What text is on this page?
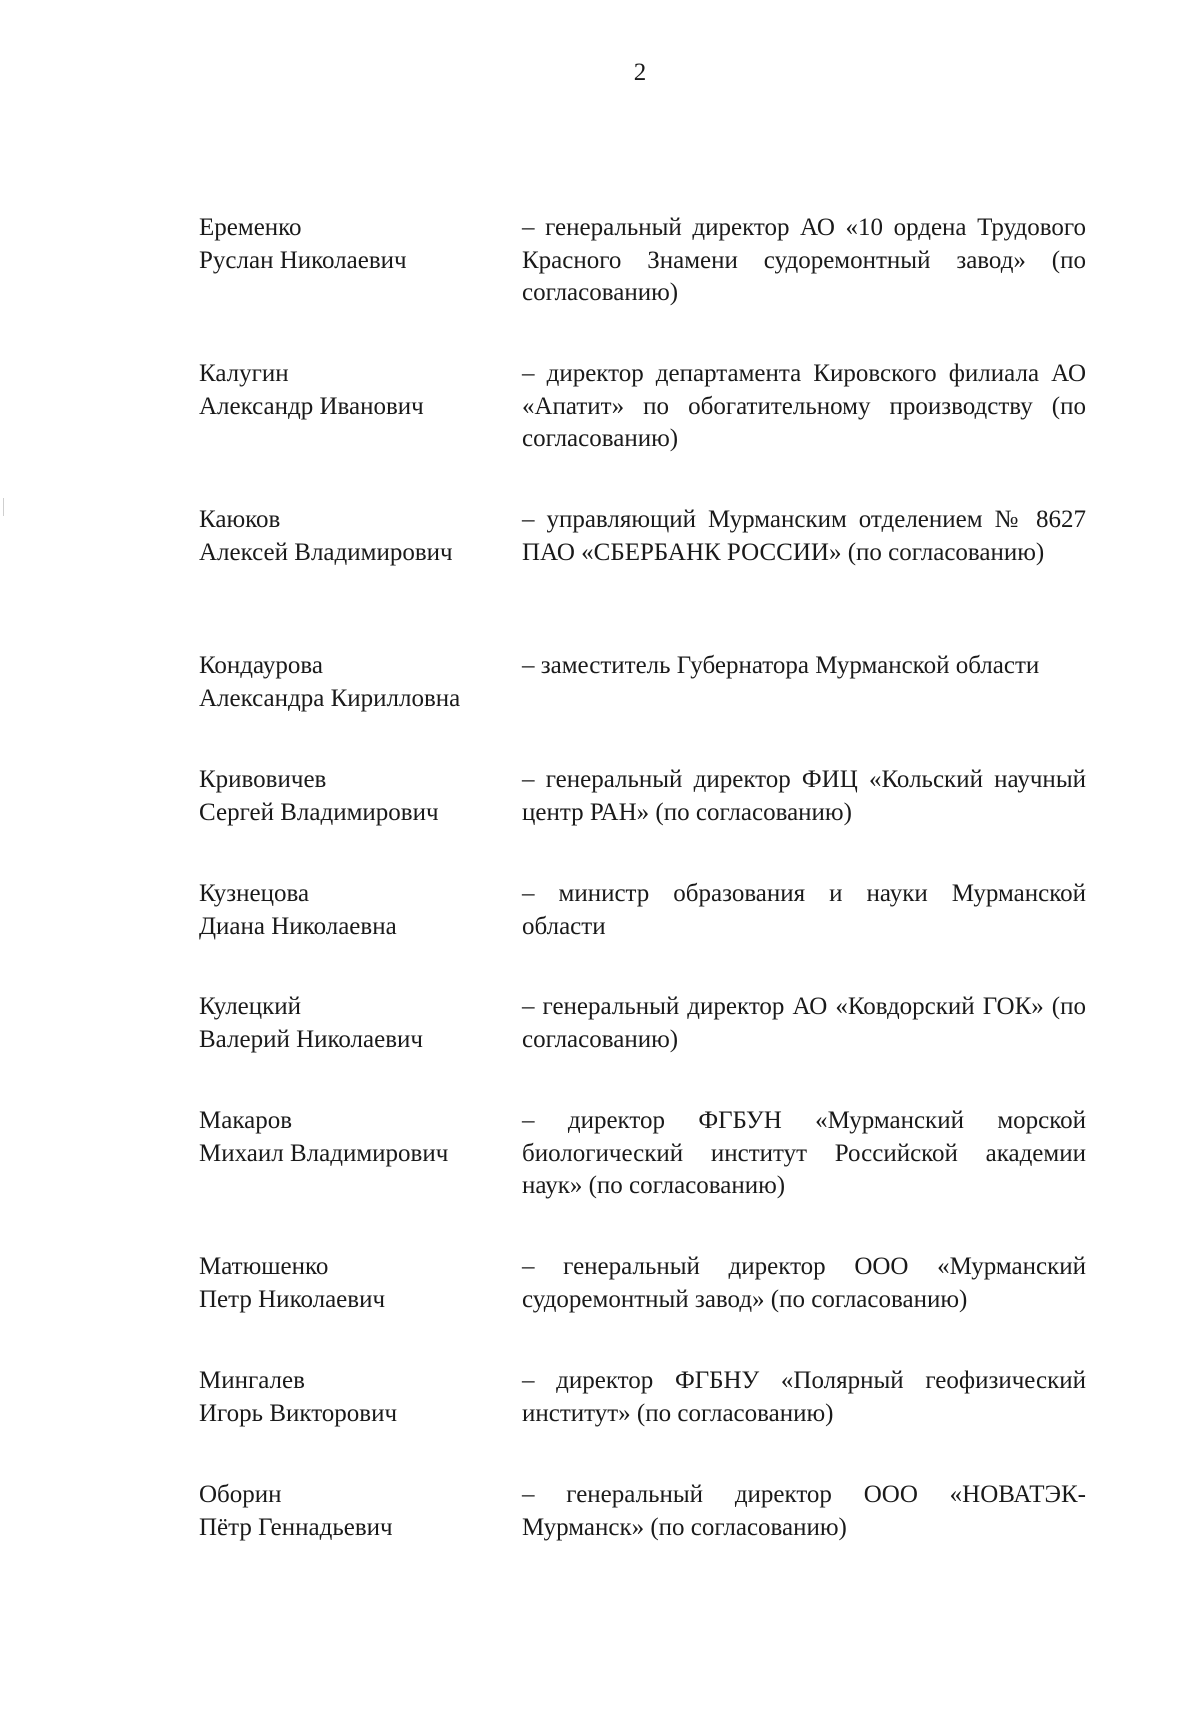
2
Еременко
Руслан Николаевич
– генеральный директор АО «10 ордена Трудового Красного Знамени судоремонтный завод» (по согласованию)
Калугин
Александр Иванович
– директор департамента Кировского филиала АО «Апатит» по обогатительному производству (по согласованию)
Каюков
Алексей Владимирович
– управляющий Мурманским отделением № 8627 ПАО «СБЕРБАНК РОССИИ» (по согласованию)
Кондаурова
Александра Кирилловна
– заместитель Губернатора Мурманской области
Кривовичев
Сергей Владимирович
– генеральный директор ФИЦ «Кольский научный центр РАН» (по согласованию)
Кузнецова
Диана Николаевна
– министр образования и науки Мурманской области
Кулецкий
Валерий Николаевич
– генеральный директор АО «Ковдорский ГОК» (по согласованию)
Макаров
Михаил Владимирович
– директор ФГБУН «Мурманский морской биологический институт Российской академии наук» (по согласованию)
Матюшенко
Петр Николаевич
– генеральный директор ООО «Мурманский судоремонтный завод» (по согласованию)
Мингалев
Игорь Викторович
– директор ФГБНУ «Полярный геофизический институт» (по согласованию)
Оборин
Пётр Геннадьевич
– генеральный директор ООО «НОВАТЭК-Мурманск» (по согласованию)
